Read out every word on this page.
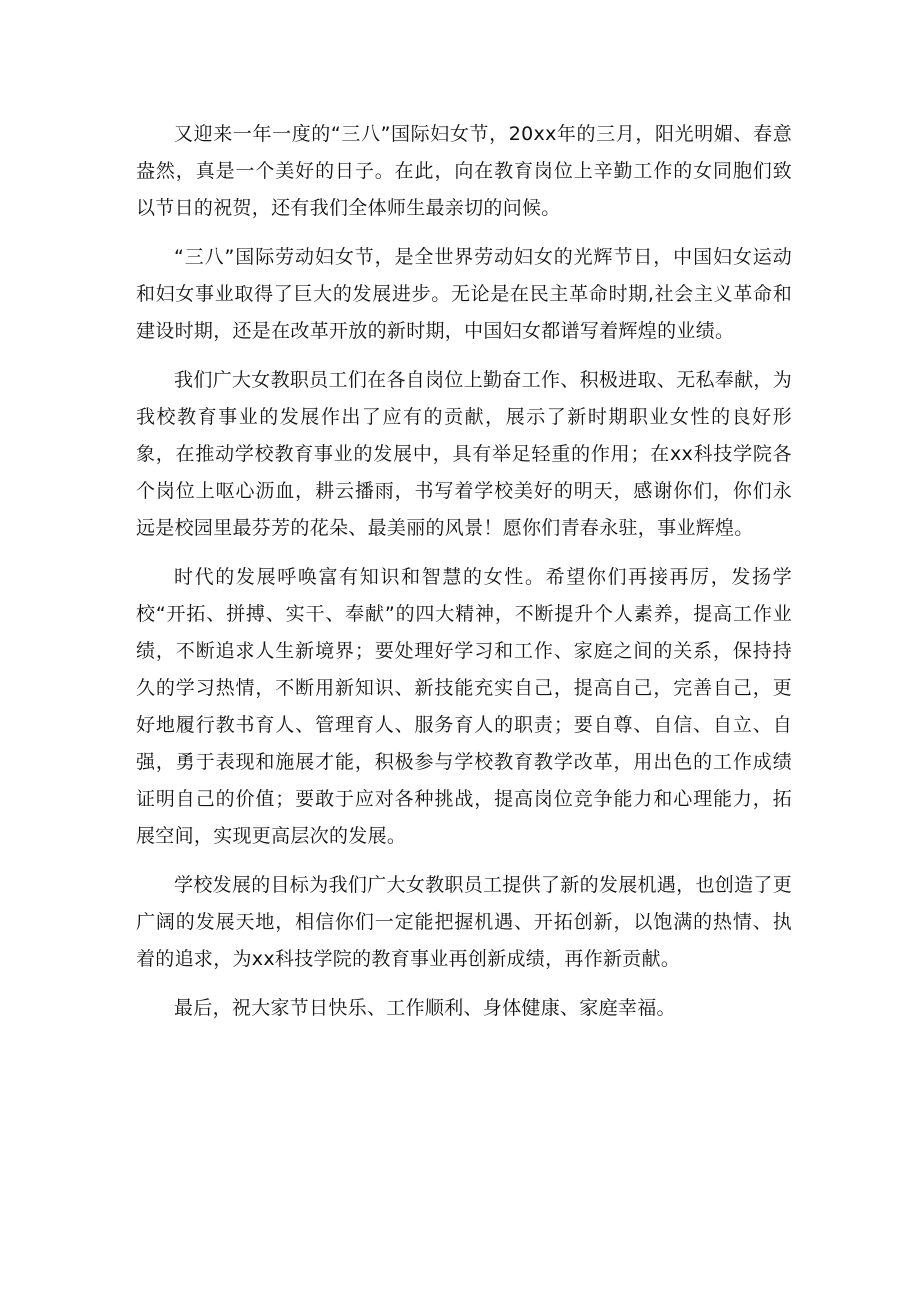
又迎来一年一度的“三八”国际妇女节，20xx年的三月，阳光明媚、春意盎然，真是一个美好的日子。在此，向在教育岗位上辛勤工作的女同胞们致以节日的祝贺，还有我们全体师生最亲切的问候。

“三八”国际劳动妇女节，是全世界劳动妇女的光辉节日，中国妇女运动和妇女事业取得了巨大的发展进步。无论是在民主革命时期,社会主义革命和建设时期，还是在改革开放的新时期，中国妇女都谱写着辉煌的业绩。

我们广大女教职员工们在各自岗位上勤奋工作、积极进取、无私奉献，为我校教育事业的发展作出了应有的贡献，展示了新时期职业女性的良好形象，在推动学校教育事业的发展中，具有举足轻重的作用；在xx科技学院各个岗位上呕心沥血，耕云播雨，书写着学校美好的明天，感谢你们，你们永远是校园里最芬芳的花朵、最美丽的风景！愿你们青春永驻，事业辉煌。

时代的发展呼唤富有知识和智慧的女性。希望你们再接再厉，发扬学校“开拓、拼搏、实干、奉献”的四大精神，不断提升个人素养，提高工作业绩，不断追求人生新境界；要处理好学习和工作、家庭之间的关系，保持持久的学习热情，不断用新知识、新技能充实自己，提高自己，完善自己，更好地履行教书育人、管理育人、服务育人的职责；要自尊、自信、自立、自强，勇于表现和施展才能，积极参与学校教育教学改革，用出色的工作成绩证明自己的价值；要敢于应对各种挑战，提高岗位竞争能力和心理能力，拓展空间，实现更高层次的发展。

学校发展的目标为我们广大女教职员工提供了新的发展机遇，也创造了更广阔的发展天地，相信你们一定能把握机遇、开拓创新，以饱满的热情、执着的追求，为xx科技学院的教育事业再创新成绩，再作新贡献。

最后，祝大家节日快乐、工作顺利、身体健康、家庭幸福。
